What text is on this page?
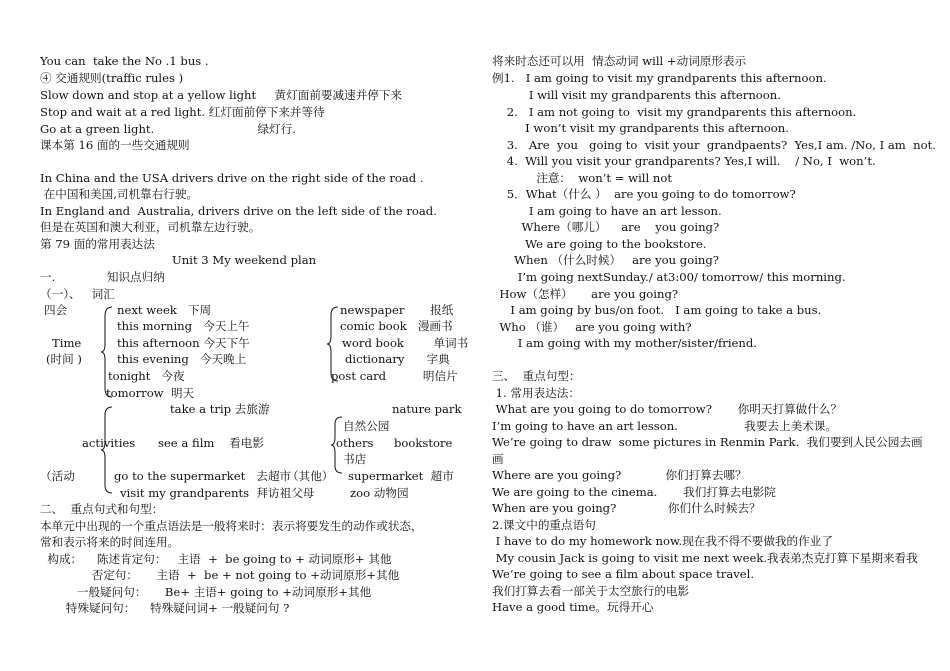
You can  take the No .1 bus .
④ 交通规则(traffic rules )
Slow down and stop at a yellow light     黄灯面前要减速并停下来
Stop and wait at a red light. 红灯面前停下来并等待
Go at a green light.                            绿灯行.
课本第 16 面的一些交通规则
In China and the USA drivers drive on the right side of the road .
在中国和美国,司机靠右行驶。
In England and  Australia, drivers drive on the left side of the road.
但是在英国和澳大利亚，司机靠左边行驶。
第 79 面的常用表达法
Unit 3 My weekend plan
一.              知识点归纳
（一）、   词汇
四会
Time
(时间 )
next week   下周
this morning   今天上午
this afternoon 今天下午
this evening   今天晚上
tonight   今夜
tomorrow  明天
newspaper       报纸
comic book   漫画书
word book        单词书
dictionary      字典
post card          明信片
take a trip 去旅游
activities see a film    看电影
（活动	go to the supermarket   去超市
visit my grandparents  拜访祖父母
nature park
自然公园
others bookstore
书店
（其他） supermarket  超市
zoo 动物园
二、  重点句式和句型：
本单元中出现的一个重点语法是一般将来时：表示将要发生的动作或状态，
常和表示将来的时间连用。
构成：    陈述肯定句：   主语  +  be going to + 动词原形+ 其他
否定句：     主语  +  be + not going to +动词原形+其他
一般疑问句：     Be+ 主语+ going to +动词原形+其他
特殊疑问句：    特殊疑问词+ 一般疑问句 ?
将来时态还可以用  情态动词 will +动词原形表示
例1.   I am going to visit my grandparents this afternoon.
I will visit my grandparents this afternoon.
2.   I am not going to  visit my grandparents this afternoon.
I won’t visit my grandparents this afternoon.
3.   Are  you   going to  visit your  grandpaents?  Yes,I am. /No, I am  not.
4.  Will you visit your grandparents? Yes,I will.    / No, I  won’t.
注意：  won’t = will not
5．What（什么 ）  are you going to do tomorrow?
I am going to have an art lesson.
Where（哪儿）    are    you going?
We are going to the bookstore.
When （什么时候）   are you going?
I’m going nextSunday./ at3:00/ tomorrow/ this morning.
How（怎样）     are you going?
I am going by bus/on foot.   I am going to take a bus.
Who （谁）   are you going with?
I am going with my mother/sister/friend.
三、  重点句型：
1. 常用表达法：
What are you going to do tomorrow?       你明天打算做什么？
I’m going to have an art lesson.                  我要去上美术课。
We’re going to draw  some pictures in Renmin Park.  我们要到人民公园去画
画
Where are you going?            你们打算去哪？
We are going to the cinema.       我们打算去电影院
When are you going?              你们什么时候去？
2.课文中的重点语句
I have to do my homework now.现在我不得不要做我的作业了
My cousin Jack is going to visit me next week.我表弟杰克打算下星期来看我
We’re going to see a film about space travel.
我们打算去看一部关于太空旅行的电影
Have a good time。玩得开心
